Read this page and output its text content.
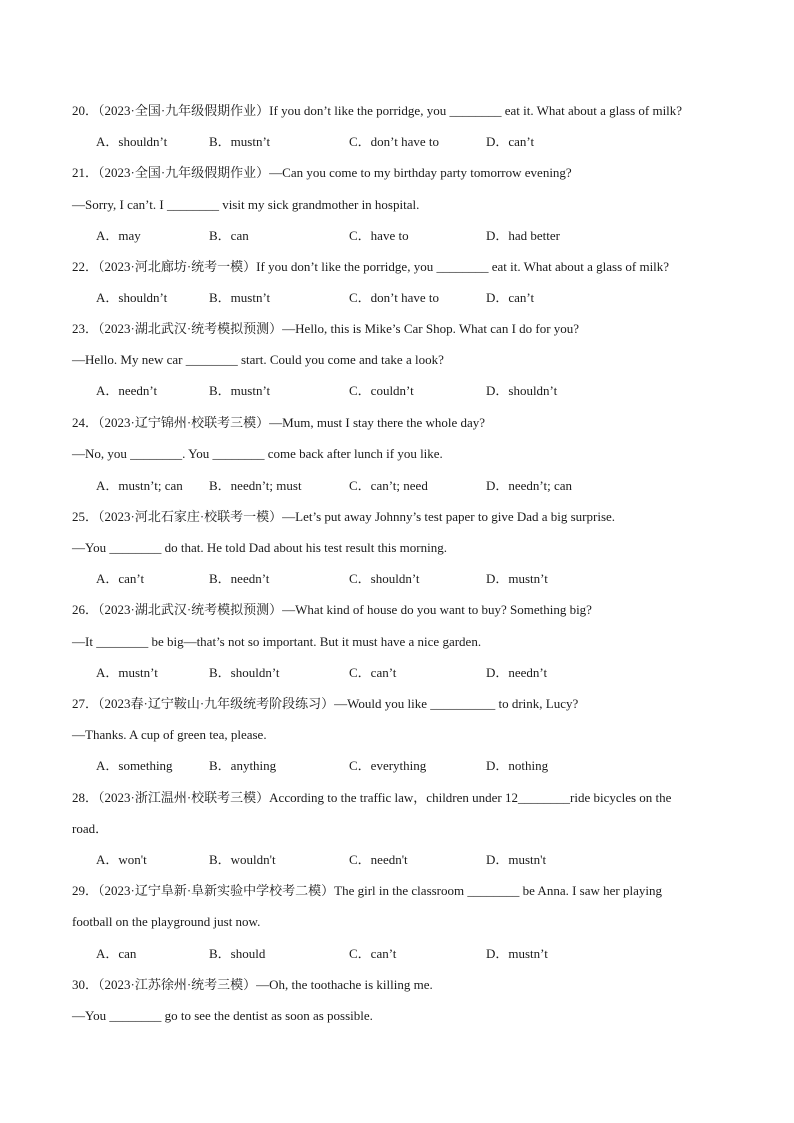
20．（2023·全国·九年级假期作业）If you don’t like the porridge, you ________ eat it. What about a glass of milk?
A．shouldn’t	B．mustn’t	C．don’t have to	D．can’t
21．（2023·全国·九年级假期作业）—Can you come to my birthday party tomorrow evening?
—Sorry, I can’t. I ________ visit my sick grandmother in hospital.
A．may	B．can	C．have to	D．had better
22．（2023·河北廊坊·统考一模）If you don’t like the porridge, you ________ eat it. What about a glass of milk?
A．shouldn’t	B．mustn’t	C．don’t have to	D．can’t
23．（2023·湖北武汉·统考模拟预测）—Hello, this is Mike’s Car Shop. What can I do for you?
—Hello. My new car ________ start. Could you come and take a look?
A．needn’t	B．mustn’t	C．couldn’t	D．shouldn’t
24．（2023·辽宁锦州·校联考三模）—Mum, must I stay there the whole day?
—No, you ________. You ________ come back after lunch if you like.
A．mustn’t; can B．needn’t; must	C．can’t; need	D．needn’t; can
25．（2023·河北石家庄·校联考一模）—Let’s put away Johnny’s test paper to give Dad a big surprise.
—You ________ do that. He told Dad about his test result this morning.
A．can’t	B．needn’t	C．shouldn’t	D．mustn’t
26．（2023·湖北武汉·统考模拟预测）—What kind of house do you want to buy? Something big?
—It ________ be big—that’s not so important. But it must have a nice garden.
A．mustn’t	B．shouldn’t	C．can’t	D．needn’t
27．（2023春·辽宁鞍山·九年级统考阶段练习）—Would you like __________ to drink, Lucy?
—Thanks. A cup of green tea, please.
A．something	B．anything	C．everything	D．nothing
28．（2023·浙江温州·校联考三模）According to the traffic law，children under 12________ride bicycles on the
road．
A．won't	B．wouldn't	C．needn't	D．mustn't
29．（2023·辽宁阜新·阜新实验中学校考二模）The girl in the classroom ________ be Anna. I saw her playing
football on the playground just now.
A．can	B．should	C．can’t	D．mustn’t
30．（2023·江苏徐州·统考三模）—Oh, the toothache is killing me.
—You ________ go to see the dentist as soon as possible.
